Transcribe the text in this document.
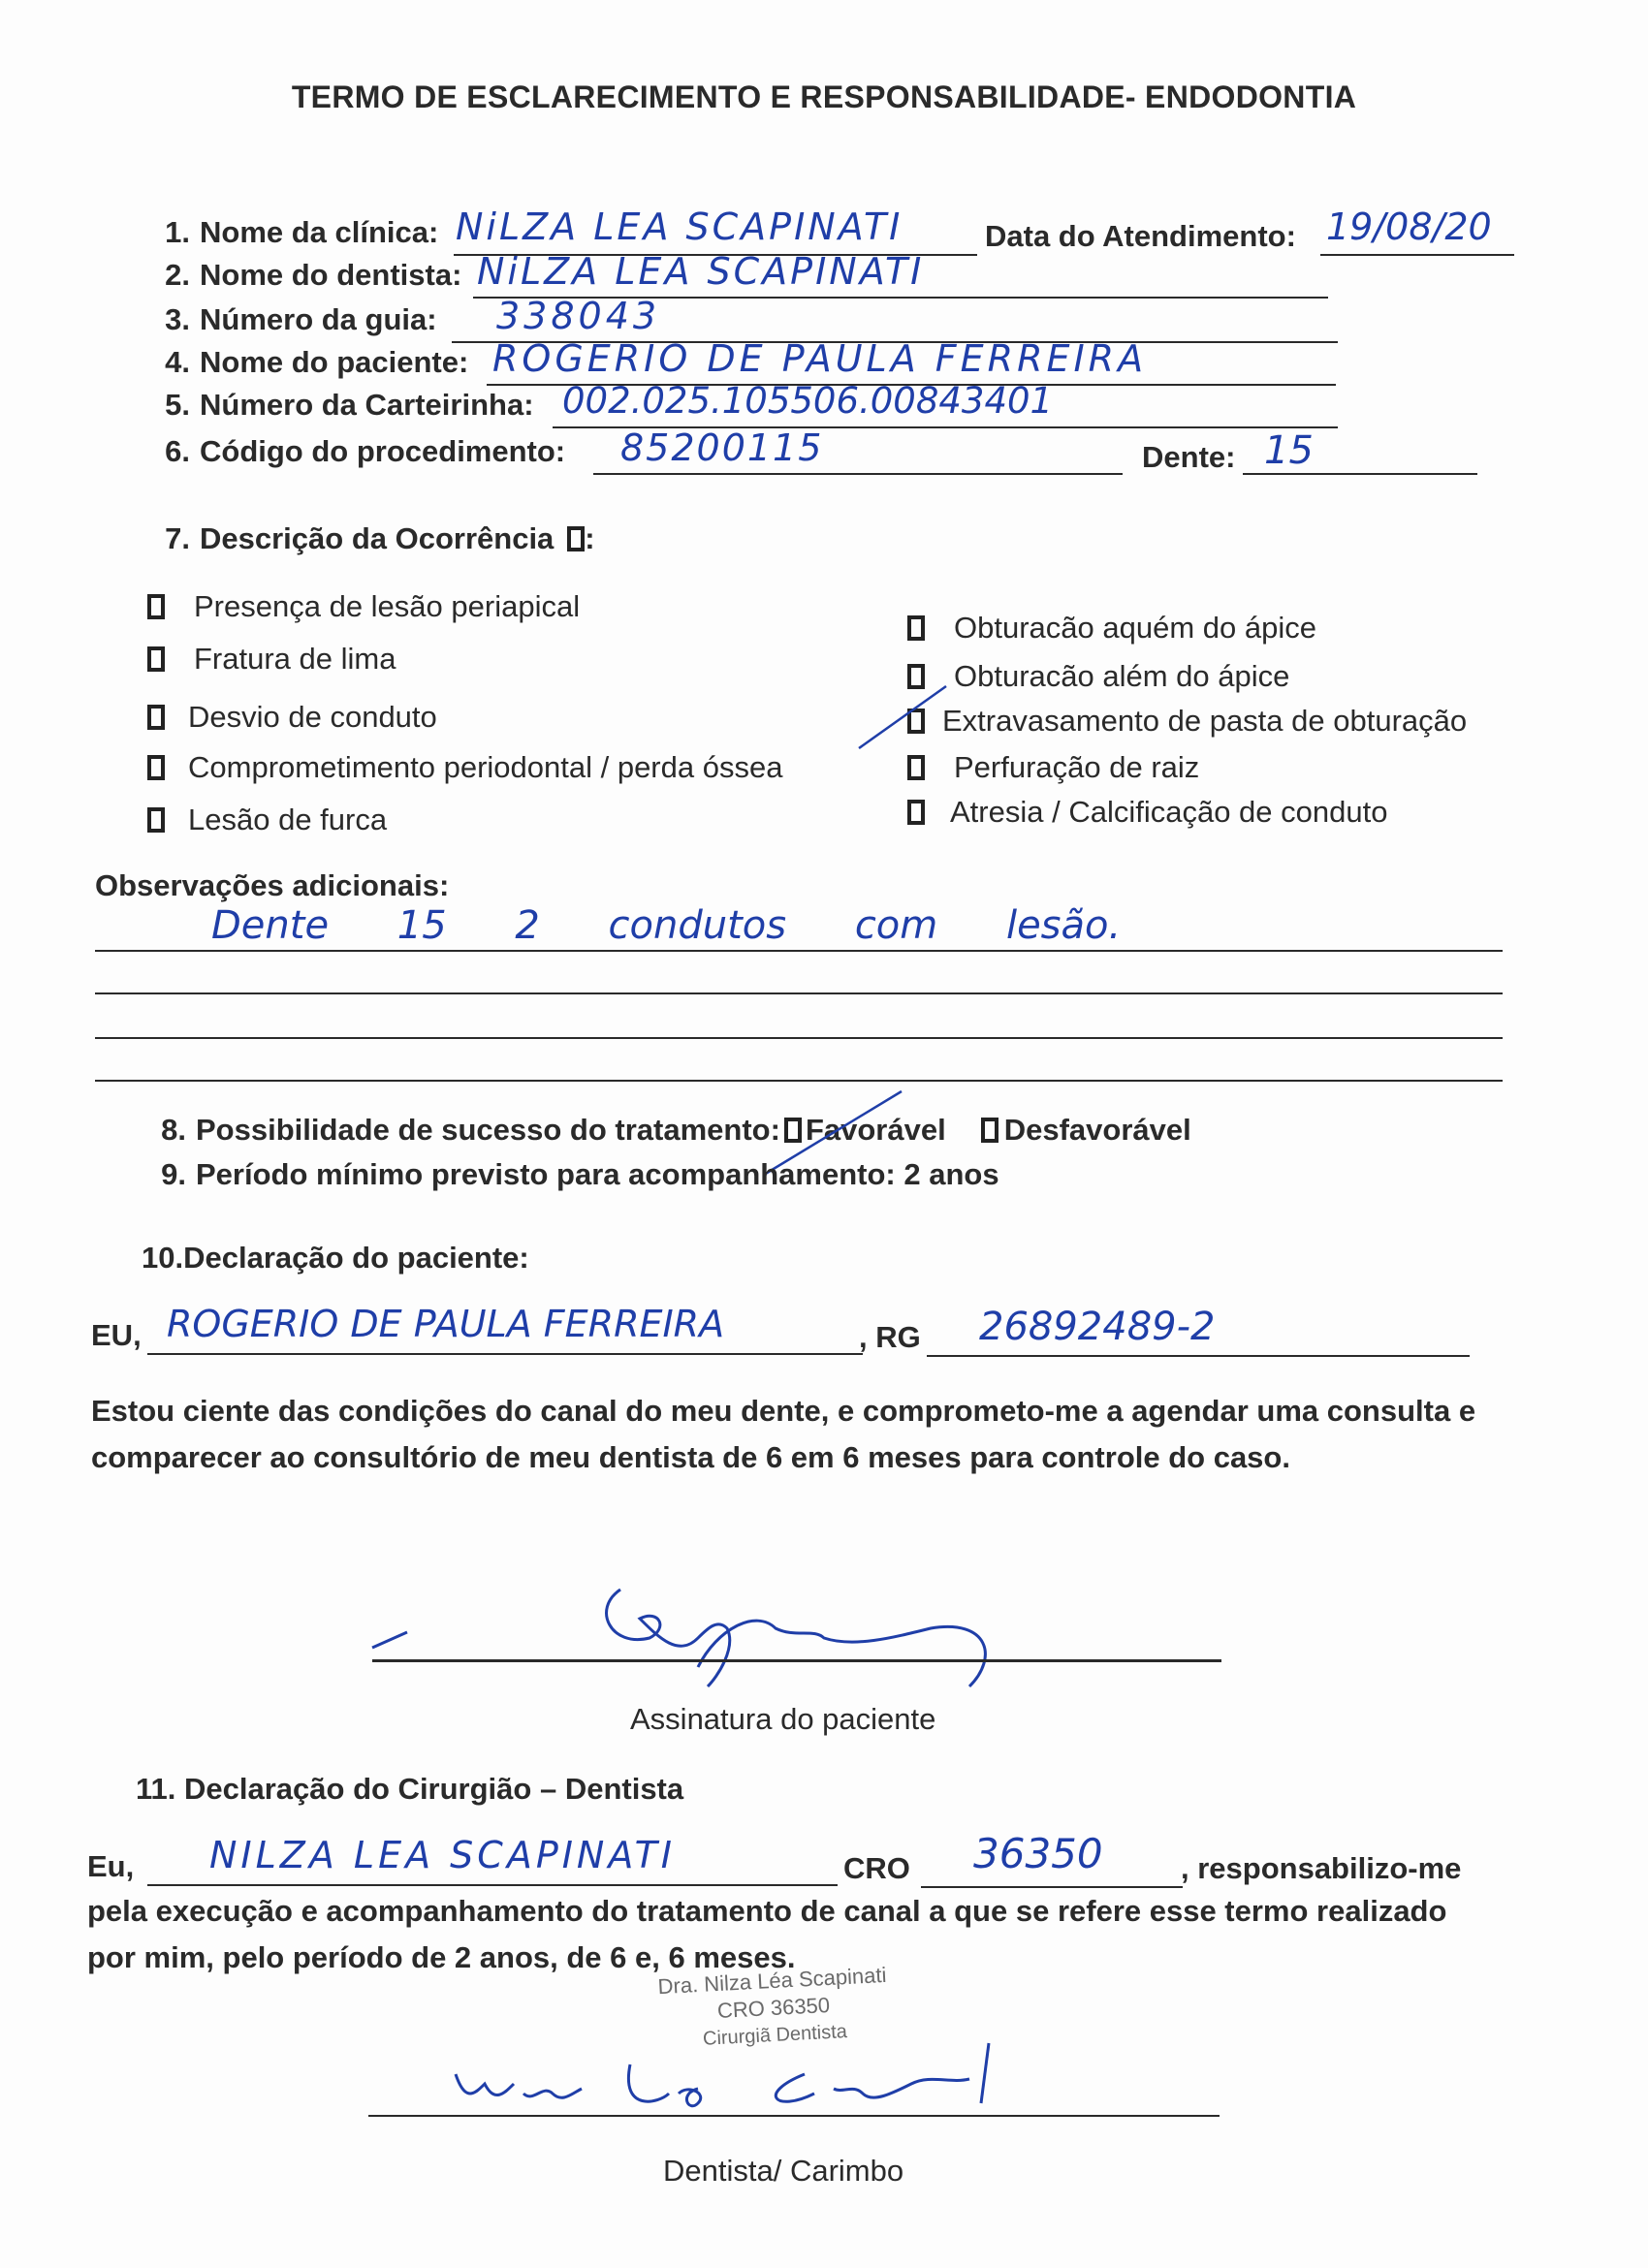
TERMO DE ESCLARECIMENTO E RESPONSABILIDADE- ENDODONTIA
1. Nome da clínica: NiLZA LEA SCAPINATI	Data do Atendimento: 19/08/20
2. Nome do dentista: NiLZA LEA SCAPINATI
3. Número da guia: 338043
4. Nome do paciente: ROGERIO DE PAULA FERREIRA
5. Número da Carteirinha: 002.025.105506.00843401
6. Código do procedimento: 85200115	Dente: 15
7. Descrição da Ocorrência :
Presença de lesão periapical
Fratura de lima
Desvio de conduto
Comprometimento periodontal / perda óssea
Lesão de furca
Obturacão aquém do ápice
Obturacão além do ápice
Extravasamento de pasta de obturação
Perfuração de raiz
Atresia / Calcificação de conduto
Observações adicionais:
Dente 15 2 condutos com lesão.
8. Possibilidade de sucesso do tratamento: Favorável Desfavorável
9. Período mínimo previsto para acompanhamento: 2 anos
10.Declaração do paciente:
EU, ROGERIO DE PAULA FERREIRA	, RG 26892489-2
Estou ciente das condições do canal do meu dente, e comprometo-me a agendar uma consulta e comparecer ao consultório de meu dentista de 6 em 6 meses para controle do caso.
Assinatura do paciente
11. Declaração do Cirurgião – Dentista
Eu, NILZA LEA SCAPINATI	CRO 36350	, responsabilizo-me
pela execução e acompanhamento do tratamento de canal a que se refere esse termo realizado por mim, pelo período de 2 anos, de 6 e, 6 meses.
Dra. Nilza Léa Scapinati
CRO 36350
Cirurgiã Dentista
Dentista/ Carimbo
